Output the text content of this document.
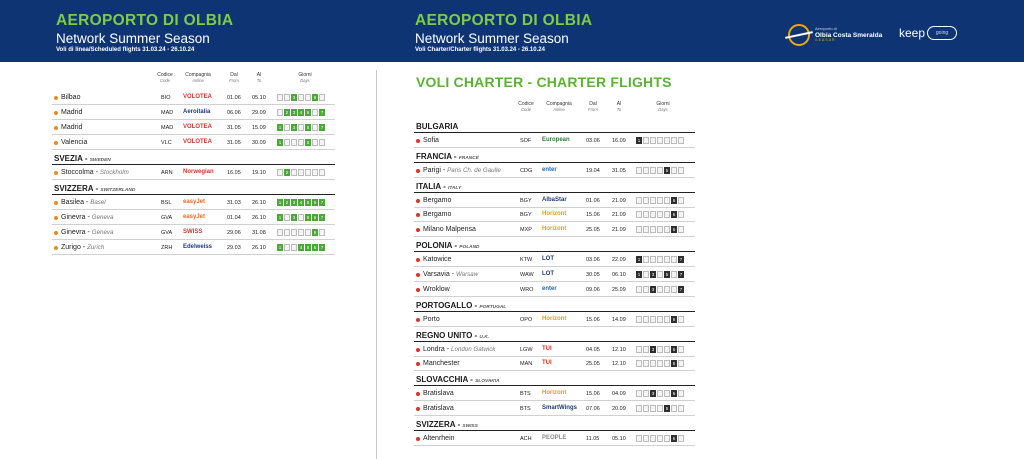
AEROPORTO DI OLBIA
Network Summer Season
Voli di linea/Scheduled flights 31.03.24 - 26.10.24
AEROPORTO DI OLBIA
Network Summer Season
Voli Charter/Charter flights 31.03.24 - 26.10.24
Aeroporto di
Olbia Costa Smeralda
GEASAR	keep	going
Codice
Code
Compagnia
Airline
Dal
From
Al
To
Giorni
Days
Bilbao	BIO VOLOTEA	01.06 05.10	3	6
Madrid	MAD Aeroitalia	06.06 29.09	2 3 4 5	7
Madrid	MAD VOLOTEA	31.05 15.09	1	3	5	7
Valencia	VLC VOLOTEA	31.05 30.09	1	5
SVEZIA - SWEDEN
Stoccolma - Stockholm	ARN Norwegian 16.05 19.10	2
SVIZZERA - SWITZERLAND
Basilea - Basel	BSL easyJet	31.03 26.10	1 2 3 4 5 6 7
Ginevra - Geneva	GVA easyJet	01.04 26.10	1	3	5 6 7
Ginevra - Geneva	GVA SWISS	29.06 31.08	6
Zurigo - Zurich	ZRH Edelweiss	29.03 26.10	1	4 5 6 7
VOLI CHARTER - CHARTER FLIGHTS
Codice
Code
Compagnia
Airline
Dal
From
Al
To
Giorni
Days
BULGARIA
Sofia	SOF European	03.06 16.09	1
FRANCIA - FRANCE
Parigi - Paris Ch. de Gaulle	CDG enter	19.04 31.05	5
ITALIA - ITALY
Bergamo	BGY AlbaStar	01.06 21.09	6
Bergamo	BGY Horizont	15.06 21.09	6
Milano Malpensa	MXP Horizont	25.05 21.09	6
POLONIA - POLAND
Katowice	KTW LOT	03.06 22.09	1	7
Varsavia - Warsaw	WAW LOT	30.05 06.10	1	3	5	7
Wroklow	WRO enter	09.06 25.09	3	7
PORTOGALLO - PORTUGAL
Porto	OPO Horizont	15.06 14.09	6
REGNO UNITO - U.K.
Londra - London Gatwick	LGW TUI	04.05 12.10	3	6
Manchester	MAN TUI	25.05 12.10	6
SLOVACCHIA - SLOVAKIA
Bratislava	BTS Horizont	15.06 04.09	3	6
Bratislava	BTS SmartWings 07.06 20.09	5
SVIZZERA - SWISS
Altenrhein	ACH PEOPLE	11.05 05.10	6
